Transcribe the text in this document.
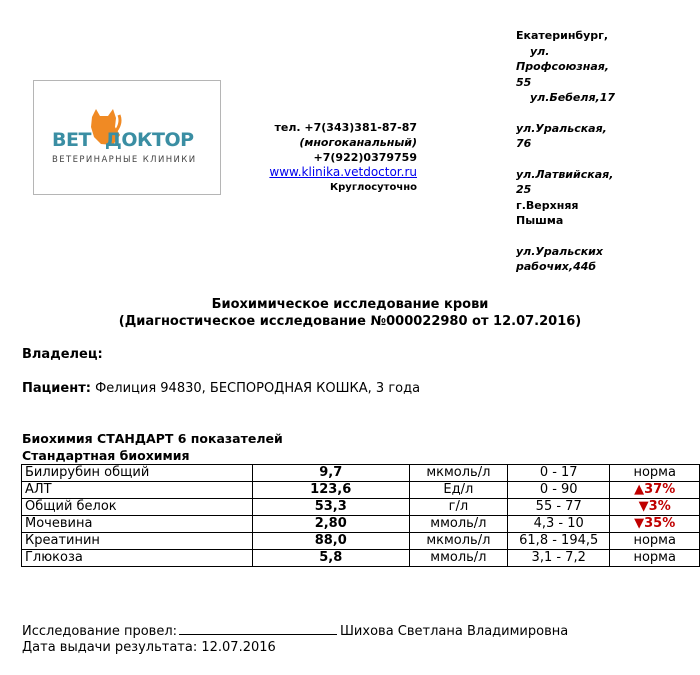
ВЕТ ДОКТОР
ВЕТЕРИНАРНЫЕ КЛИНИКИ
тел. +7(343)381-87-87
(многоканальный)
+7(922)0379759
www.klinika.vetdoctor.ru
Круглосуточно
Екатеринбург,
ул.
Профсоюзная,
55
ул.Бебеля,17
ул.Уральская,
76
ул.Латвийская,
25
г.Верхняя
Пышма
ул.Уральских
рабочих,44б
Биохимическое исследование крови
(Диагностическое исследование №000022980 от 12.07.2016)
Владелец:
Пациент: Фелиция 94830, БЕСПОРОДНАЯ КОШКА, 3 года
Биохимия СТАНДАРТ 6 показателей
Стандартная биохимия
Билирубин общий	9,7	мкмоль/л	0 - 17	норма
АЛТ	123,6	Ед/л	0 - 90	▲37%
Общий белок	53,3	г/л	55 - 77	▼3%
Мочевина	2,80	ммоль/л	4,3 - 10	▼35%
Креатинин	88,0	мкмоль/л	61,8 - 194,5	норма
Глюкоза	5,8	ммоль/л	3,1 - 7,2	норма
Исследование провел:	Шихова Светлана Владимировна
Дата выдачи результата: 12.07.2016
